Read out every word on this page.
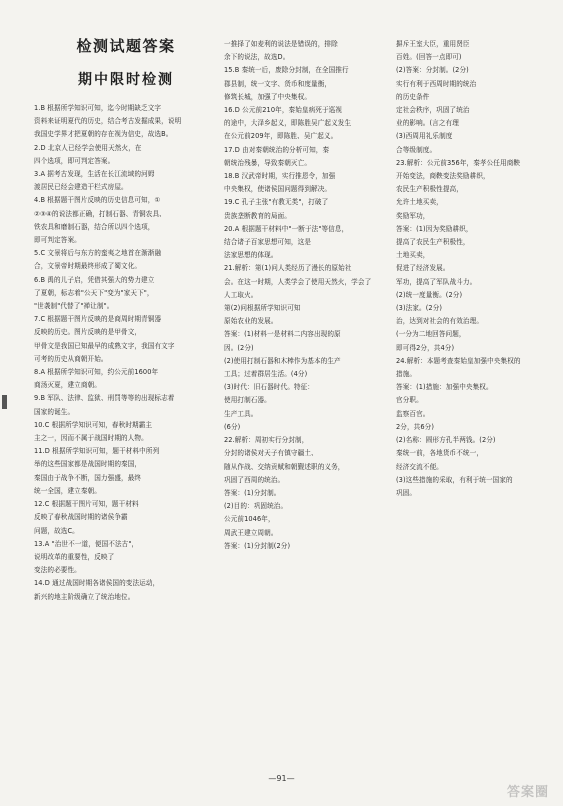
检测试题答案
期中限时检测
1.B 根据所学知识可知，迄今时期缺乏文字
资料来证明夏代的历史，结合考古发掘成果，说明
我国史学界才把夏朝的存在视为信史，故选B。
2.D 北京人已经学会使用天然火，在
四个选项，即可判定答案。
3.A 据考古发现，生活在长江流域的河姆
渡居民已经会建造干栏式房屋。
4.B 根据题干图片反映的历史信息可知，①
②③④的说法都正确，打制石器、青铜农具、
铁农具和磨制石器，结合所以四个选项，
即可判定答案。
5.C 文景将后与东方的蛮夷之地首在渐渐融
合，文景帝时期最终形成了蜀文化。
6.B 禹的儿子启，凭借其强大的势力建立
了夏朝，标志着"公天下"变为"家天下"，
"世袭制"代替了"禅让制"。
7.C 根据题干图片反映的是商周时期青铜器
反映的历史。图片反映的是甲骨文，
甲骨文是我国已知最早的成熟文字，我国有文字
可考的历史从商朝开始。
8.A 根据所学知识可知，约公元前1600年
商汤灭夏，建立商朝。
9.B 军队、法律、监狱、刑罚等等的出现标志着
国家的诞生。
10.C 根据所学知识可知，春秋时期霸主
主之一，因而不属于战国时期的人物。
11.D 根据所学知识可知，题干材料中所列
举的这些国家都是战国时期的秦国，
秦国由于战争不断，国力强盛，最终
统一全国，建立秦朝。
12.C 根据题干图片可知，题干材料
反映了春秋战国时期的诸侯争霸
问题，故选C。
13.A "治世不一道，便国不法古"，
说明改革的重要性，反映了
变法的必要性。
14.D 通过战国时期各诸侯国的变法运动，
新兴的地主阶级确立了统治地位。
一推择了如麦利的说法是错误的，排除
余下的说法，故选D。
15.B 秦统一后，废除分封制，在全国推行
郡县制，统一文字、货币和度量衡，
修筑长城，加强了中央集权。
16.D 公元前210年，秦始皇病死于巡视
的途中，大泽乡起义，即陈胜吴广起义发生
在公元前209年，即陈胜、吴广起义。
17.D 由对秦朝统治的分析可知，秦
朝统治残暴，导致秦朝灭亡。
18.B 汉武帝时期，实行推恩令，加强
中央集权，使诸侯国问题得到解决。
19.C 孔子主张"有教无类"，打破了
贵族垄断教育的局面。
20.A 根据题干材料中"一断于法"等信息，
结合诸子百家思想可知，这是
法家思想的体现。
21.解析：第(1)问人类经历了漫长的原始社
会。在这一时期，人类学会了使用天然火，学会了
人工取火。
第(2)问根据所学知识可知
原始农业的发展。
答案：(1)材料一是材料二内容出现的原
因。(2分)
(2)使用打制石器和木棒作为基本的生产
工具；过着群居生活。(4分)
(3)时代：旧石器时代。特征：
使用打制石器。
生产工具。
(6分)
22.解析：周初实行分封制，
分封的诸侯对天子有镇守疆土、
随从作战、交纳贡赋和朝觐述职的义务，
巩固了西周的统治。
答案：(1)分封制。
(2)目的：巩固统治。
公元前1046年，
周武王建立周朝。
答案：(1)分封制(2分)
摒斥王室大臣，重用贤臣
百姓。(回答一点即可)
(2)答案：分封制。(2分)
实行有利于西周时期的统治
的历史条件
定社会秩序，巩固了统治
业的影响。(言之有理
(3)西周用礼乐制度
合等级制度。
23.解析：公元前356年，秦孝公任用商鞅
开始变法，商鞅变法奖励耕织，
农民生产积极性提高，
允许土地买卖，
奖励军功，
答案：(1)因为奖励耕织，
提高了农民生产积极性，
土地买卖，
促进了经济发展。
军功，提高了军队战斗力。
(2)统一度量衡。(2分)
(3)法家。(2分)
治，达到对社会的有效治理。
(一分为二地回答问题，
即可得2分，共4分)
24.解析：本题考查秦始皇加强中央集权的
措施。
答案：(1)措施：加强中央集权。
官分职。
监察百官。
2分，共6分)
(2)名称：圆形方孔半两钱。(2分)
秦统一前，各地货币不统一，
经济交流不便。
(3)这些措施的采取，有利于统一国家的
巩固。
—91—
答案圈
